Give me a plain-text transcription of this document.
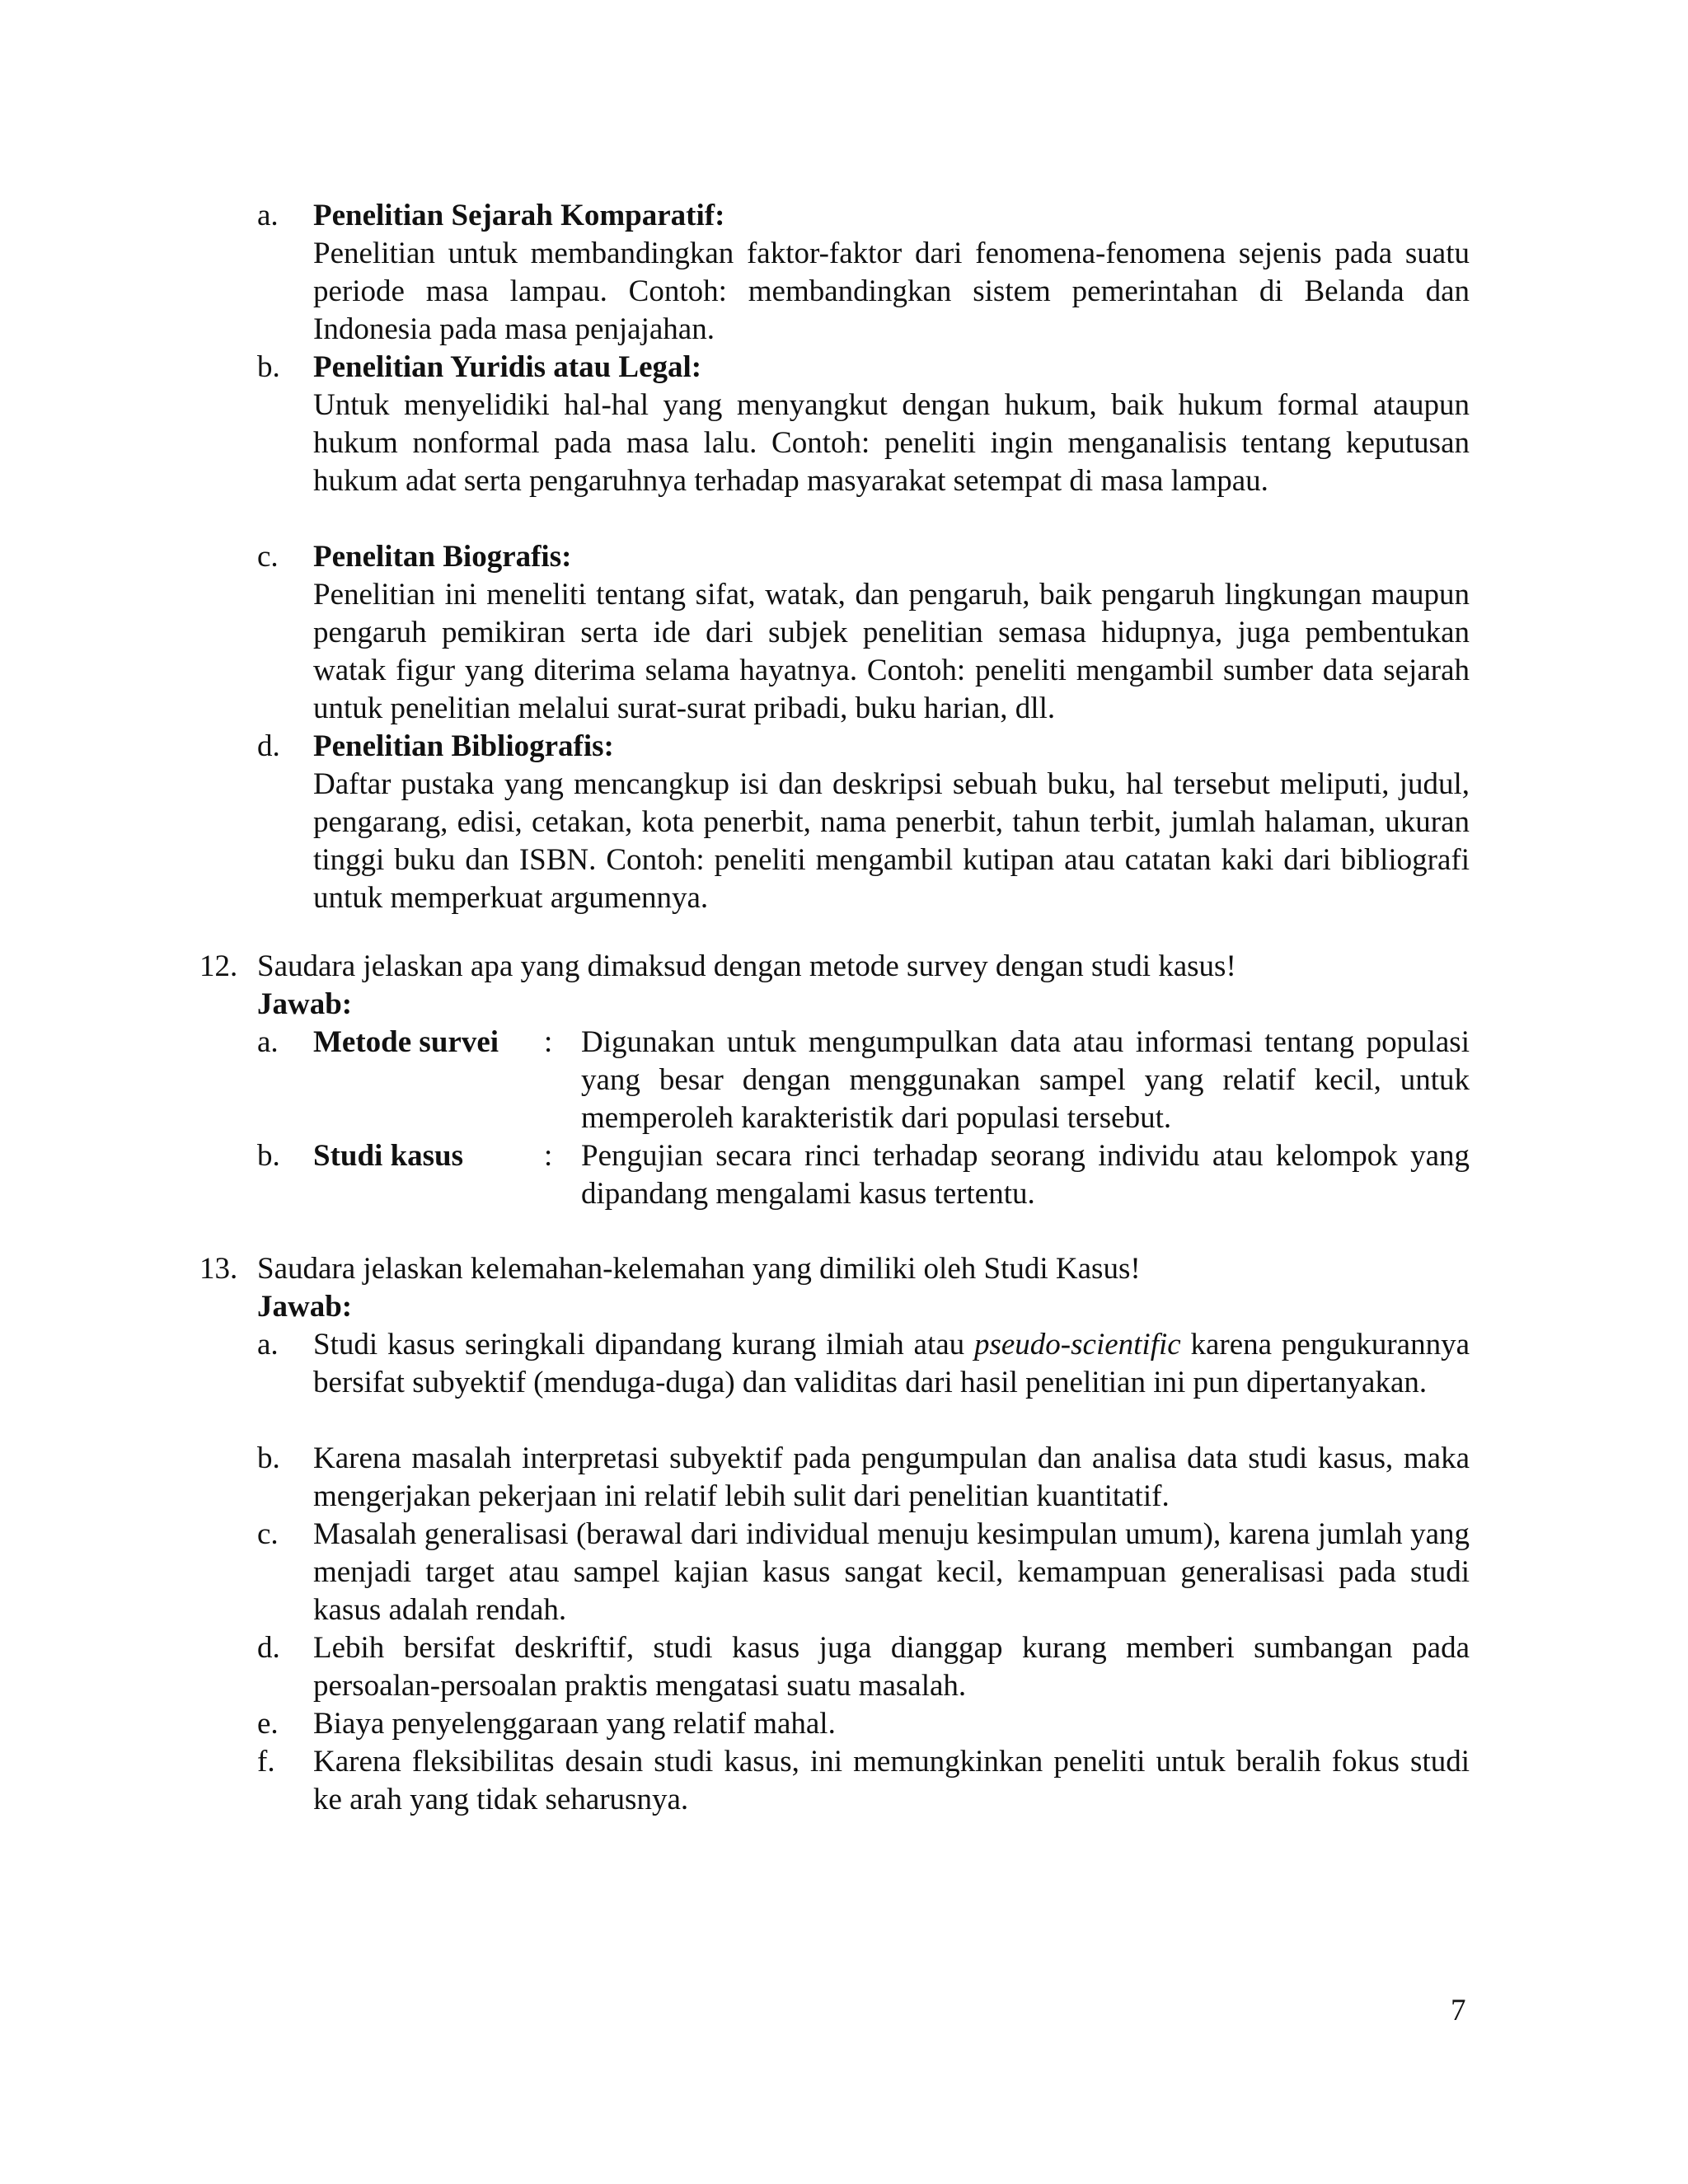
a. Penelitian Sejarah Komparatif:
Penelitian untuk membandingkan faktor-faktor dari fenomena-fenomena sejenis pada suatu periode masa lampau. Contoh: membandingkan sistem pemerintahan di Belanda dan Indonesia pada masa penjajahan.
b. Penelitian Yuridis atau Legal:
Untuk menyelidiki hal-hal yang menyangkut dengan hukum, baik hukum formal ataupun hukum nonformal pada masa lalu. Contoh: peneliti ingin menganalisis tentang keputusan hukum adat serta pengaruhnya terhadap masyarakat setempat di masa lampau.
c. Penelitan Biografis:
Penelitian ini meneliti tentang sifat, watak, dan pengaruh, baik pengaruh lingkungan maupun pengaruh pemikiran serta ide dari subjek penelitian semasa hidupnya, juga pembentukan watak figur yang diterima selama hayatnya. Contoh: peneliti mengambil sumber data sejarah untuk penelitian melalui surat-surat pribadi, buku harian, dll.
d. Penelitian Bibliografis:
Daftar pustaka yang mencangkup isi dan deskripsi sebuah buku, hal tersebut meliputi, judul, pengarang, edisi, cetakan, kota penerbit, nama penerbit, tahun terbit, jumlah halaman, ukuran tinggi buku dan ISBN. Contoh: peneliti mengambil kutipan atau catatan kaki dari bibliografi untuk memperkuat argumennya.
12. Saudara jelaskan apa yang dimaksud dengan metode survey dengan studi kasus!
Jawab:
a. Metode survei : Digunakan untuk mengumpulkan data atau informasi tentang populasi yang besar dengan menggunakan sampel yang relatif kecil, untuk memperoleh karakteristik dari populasi tersebut.
b. Studi kasus	: Pengujian secara rinci terhadap seorang individu atau kelompok yang dipandang mengalami kasus tertentu.
13. Saudara jelaskan kelemahan-kelemahan yang dimiliki oleh Studi Kasus!
Jawab:
a. Studi kasus seringkali dipandang kurang ilmiah atau pseudo-scientific karena pengukurannya bersifat subyektif (menduga-duga) dan validitas dari hasil penelitian ini pun dipertanyakan.
b. Karena masalah interpretasi subyektif pada pengumpulan dan analisa data studi kasus, maka mengerjakan pekerjaan ini relatif lebih sulit dari penelitian kuantitatif.
c. Masalah generalisasi (berawal dari individual menuju kesimpulan umum), karena jumlah yang menjadi target atau sampel kajian kasus sangat kecil, kemampuan generalisasi pada studi kasus adalah rendah.
d. Lebih bersifat deskriftif, studi kasus juga dianggap kurang memberi sumbangan pada persoalan-persoalan praktis mengatasi suatu masalah.
e. Biaya penyelenggaraan yang relatif mahal.
f. Karena fleksibilitas desain studi kasus, ini memungkinkan peneliti untuk beralih fokus studi ke arah yang tidak seharusnya.
7
